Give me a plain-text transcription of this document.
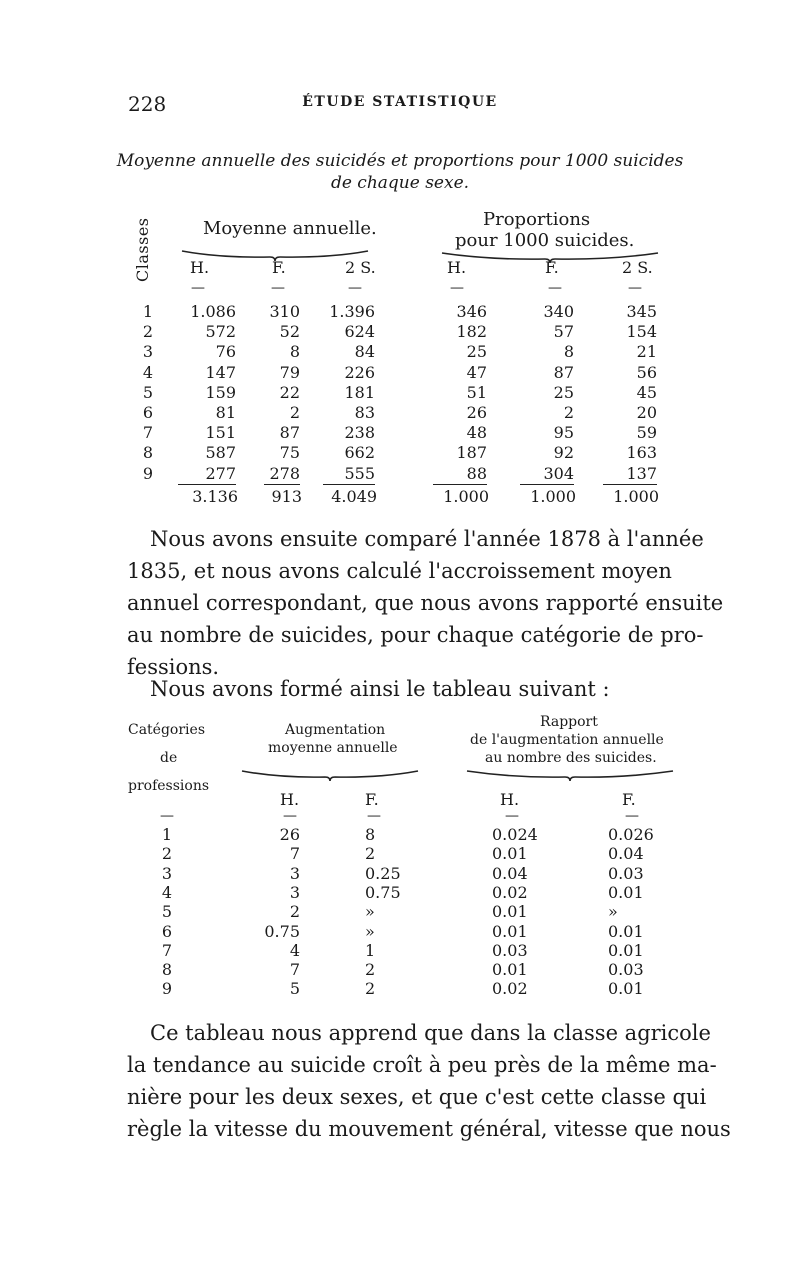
228	ÉTUDE STATISTIQUE
Moyenne annuelle des suicidés et proportions pour 1000 suicides de chaque sexe.
Classes	Moyenne annuelle.	Proportions
pour 1000 suicides.
H.	F.	2 S.	H.	F.	2 S.
—	—	—	—	—	—
1	1.086	310	1.396	346	340	345
2	572	52	624	182	57	154
3	76	8	84	25	8	21
4	147	79	226	47	87	56
5	159	22	181	51	25	45
6	81	2	83	26	2	20
7	151	87	238	48	95	59
8	587	75	662	187	92	163
9	277	278	555	88	304	137
3.136	913	4.049	1.000	1.000	1.000
Nous avons ensuite comparé l'année 1878 à l'année
1835, et nous avons calculé l'accroissement moyen
annuel correspondant, que nous avons rapporté ensuite
au nombre de suicides, pour chaque catégorie de pro-
fessions.
Nous avons formé ainsi le tableau suivant :
Catégories
de
professions
Augmentation
moyenne annuelle
Rapport
de l'augmentation annuelle
au nombre des suicides.
H.	F.	H.	F.
—	—	—	—	—
1	26	8	0.024	0.026
2	7	2	0.01	0.04
3	3	0.25	0.04	0.03
4	3	0.75	0.02	0.01
5	2	»	0.01	»
6	0.75	»	0.01	0.01
7	4	1	0.03	0.01
8	7	2	0.01	0.03
9	5	2	0.02	0.01
Ce tableau nous apprend que dans la classe agricole
la tendance au suicide croît à peu près de la même ma-
nière pour les deux sexes, et que c'est cette classe qui
règle la vitesse du mouvement général, vitesse que nous
